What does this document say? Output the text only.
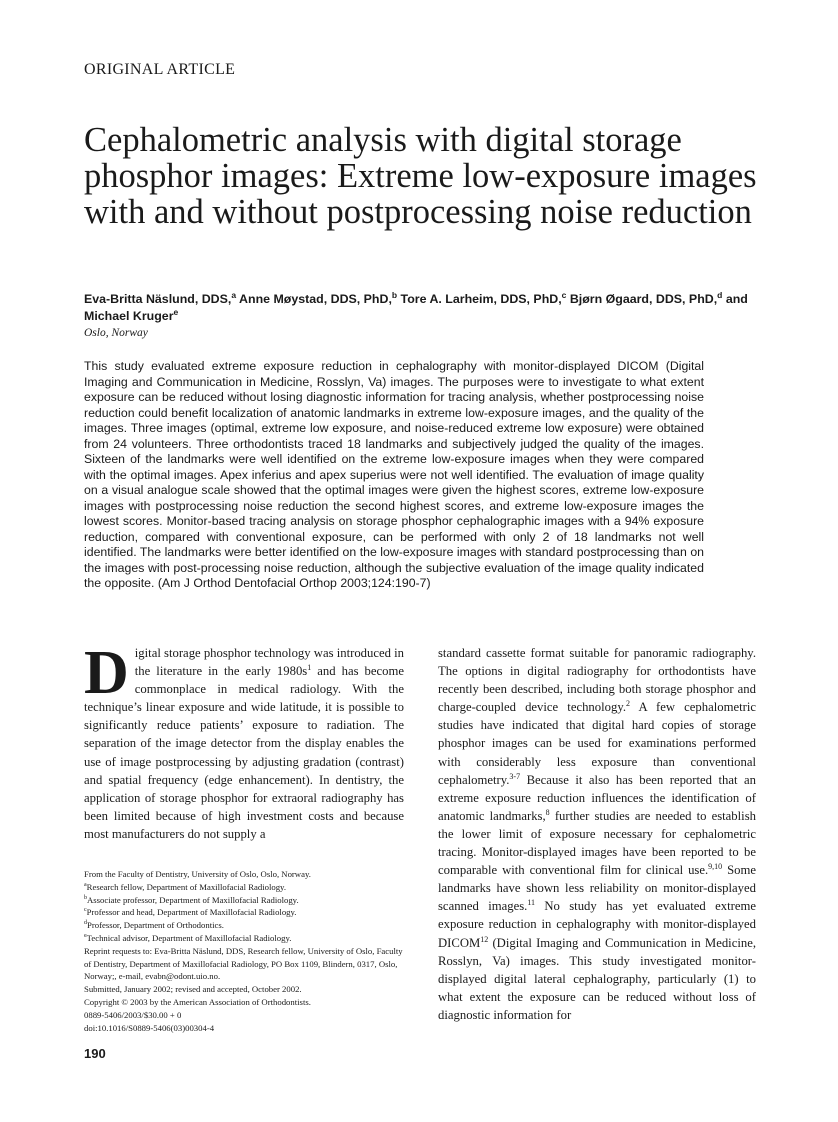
ORIGINAL ARTICLE
Cephalometric analysis with digital storage phosphor images: Extreme low-exposure images with and without postprocessing noise reduction
Eva-Britta Näslund, DDS,$^a$ Anne Møystad, DDS, PhD,$^b$ Tore A. Larheim, DDS, PhD,$^c$ Bjørn Øgaard, DDS, PhD,$^d$ and Michael Kruger$^e$
Oslo, Norway

This study evaluated extreme exposure reduction in cephalography with monitor-displayed DICOM (Digital Imaging and Communication in Medicine, Rosslyn, Va) images. The purposes were to investigate to what extent exposure can be reduced without losing diagnostic information for tracing analysis, whether postprocessing noise reduction could benefit localization of anatomic landmarks in extreme low-exposure images, and the quality of the images. Three images (optimal, extreme low exposure, and noise-reduced extreme low exposure) were obtained from 24 volunteers. Three orthodontists traced 18 landmarks and subjectively judged the quality of the images. Sixteen of the landmarks were well identified on the extreme low-exposure images when they were compared with the optimal images. Apex inferius and apex superius were not well identified. The evaluation of image quality on a visual analogue scale showed that the optimal images were given the highest scores, extreme low-exposure images with postprocessing noise reduction the second highest scores, and extreme low-exposure images the lowest scores. Monitor-based tracing analysis on storage phosphor cephalographic images with a 94% exposure reduction, compared with conventional exposure, can be performed with only 2 of 18 landmarks not well identified. The landmarks were better identified on the low-exposure images with standard postprocessing than on the images with post-processing noise reduction, although the subjective evaluation of the image quality indicated the opposite. (Am J Orthod Dentofacial Orthop 2003;124:190-7)

Digital storage phosphor technology was introduced in the literature in the early $1980s^1$ and has become commonplace in medical radiology. With the technique’s linear exposure and wide latitude, it is possible to significantly reduce patients’ exposure to radiation. The separation of the image detector from the display enables the use of image postprocessing by adjusting gradation (contrast) and spatial frequency (edge enhancement). In dentistry, the application of storage phosphor for extraoral radiography has been limited because of high investment costs and because most manufacturers do not supply a

standard cassette format suitable for panoramic radiography. The options in digital radiography for orthodontists have recently been described, including both storage phosphor and charge-coupled device technology.$^2$ A few cephalometric studies have indicated that digital hard copies of storage phosphor images can be used for examinations performed with considerably less exposure than conventional cephalometry.$^{3-7}$ Because it also has been reported that an extreme exposure reduction influences the identification of anatomic landmarks,$^8$ further studies are needed to establish the lower limit of exposure necessary for cephalometric tracing. Monitor-displayed images have been reported to be comparable with conventional film for clinical use.$^{9,10}$ Some landmarks have shown less reliability on monitor-displayed scanned images.$^{11}$ No study has yet evaluated extreme exposure reduction in cephalography with monitor-displayed DICOM$^{12}$ (Digital Imaging and Communication in Medicine, Rosslyn, Va) images. This study investigated monitor-displayed digital lateral cephalography, particularly (1) to what extent the exposure can be reduced without loss of diagnostic information for

From the Faculty of Dentistry, University of Oslo, Oslo, Norway.
$^a$Research fellow, Department of Maxillofacial Radiology.
$^b$Associate professor, Department of Maxillofacial Radiology.
$^c$Professor and head, Department of Maxillofacial Radiology.
$^d$Professor, Department of Orthodontics.
$^e$Technical advisor, Department of Maxillofacial Radiology.
Reprint requests to: Eva-Britta Näslund, DDS, Research fellow, University of Oslo, Faculty of Dentistry, Department of Maxillofacial Radiology, PO Box 1109, Blindern, 0317, Oslo, Norway;, e-mail, evabn@odont.uio.no.
Submitted, January 2002; revised and accepted, October 2002.
Copyright © 2003 by the American Association of Orthodontists.
0889-5406/2003/$30.00 + 0
doi:10.1016/S0889-5406(03)00304-4
190
